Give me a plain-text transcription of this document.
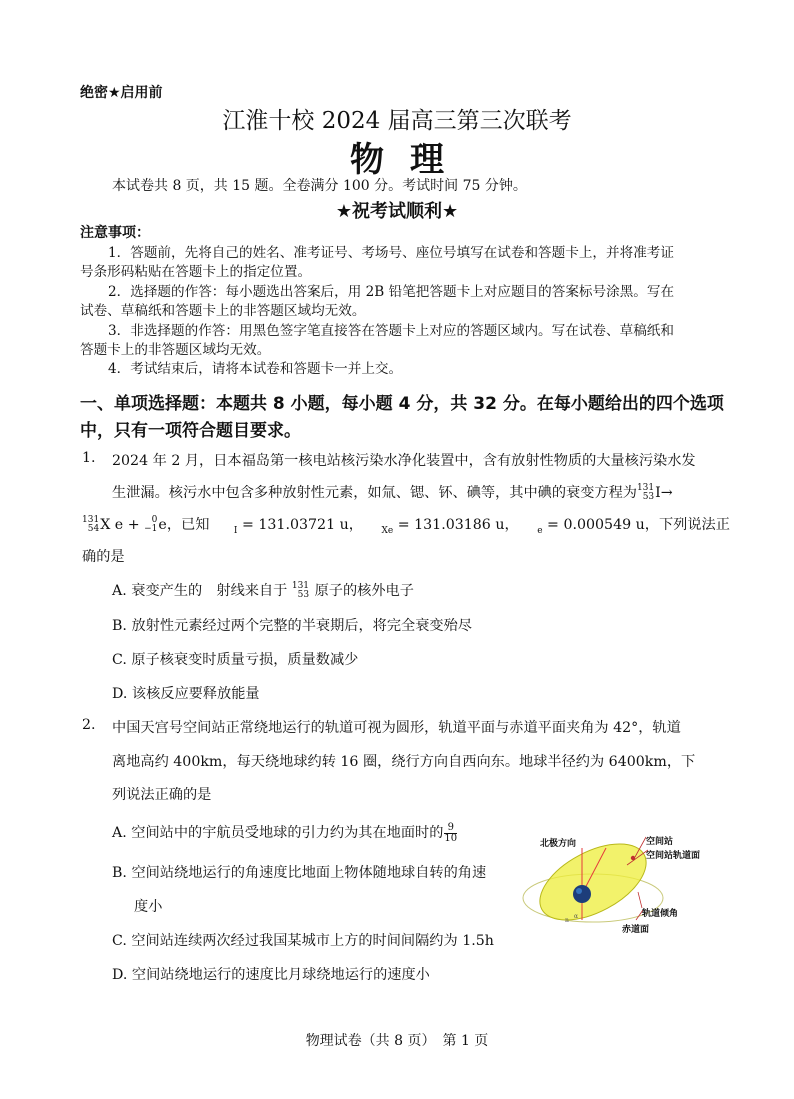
绝密★启用前
江淮十校 2024 届高三第三次联考
物理
本试卷共 8 页，共 15 题。全卷满分 100 分。考试时间 75 分钟。
★祝考试顺利★
注意事项：
1．答题前，先将自己的姓名、准考证号、考场号、座位号填写在试卷和答题卡上，并将准考证
号条形码粘贴在答题卡上的指定位置。
2．选择题的作答：每小题选出答案后，用 2B 铅笔把答题卡上对应题目的答案标号涂黑。写在
试卷、草稿纸和答题卡上的非答题区域均无效。
3．非选择题的作答：用黑色签字笔直接答在答题卡上对应的答题区域内。写在试卷、草稿纸和
答题卡上的非答题区域均无效。
4．考试结束后，请将本试卷和答题卡一并上交。
一、单项选择题：本题共 8 小题，每小题 4 分，共 32 分。在每小题给出的四个选项
中，只有一项符合题目要求。
1. 2024 年 2 月，日本福岛第一核电站核污染水净化装置中，含有放射性物质的大量核污染水发
生泄漏。核污水中包含多种放射性元素，如氚、锶、钚、碘等，其中碘的衰变方程为 131
53 I→
131
54 X e +	0
−1 e，已知	$_I$ = 131.03721 u， $_{Xe}$ = 131.03186 u， $_e$ = 0.000549 u，下列说法正
确的是
A. 衰变产生的　射线来自于 131
53 原子的核外电子
B. 放射性元素经过两个完整的半衰期后，将完全衰变殆尽
C. 原子核衰变时质量亏损，质量数减少
D. 该核反应要释放能量
2. 中国天宫号空间站正常绕地运行的轨道可视为圆形，轨道平面与赤道平面夹角为 42°，轨道
离地高约 400km，每天绕地球约转 16 圈，绕行方向自西向东。地球半径约为 6400km，下
列说法正确的是
A. 空间站中的宇航员受地球的引力约为其在地面时的 $\frac{9}{10}$
B. 空间站绕地运行的角速度比地面上物体随地球自转的角速
度小
C. 空间站连续两次经过我国某城市上方的时间间隔约为 1.5h
D. 空间站绕地运行的速度比月球绕地运行的速度小
北极方向	空间站
空间站轨道面
轨道倾角
赤道面
α
n
物理试卷（共 8 页）　第 1 页
